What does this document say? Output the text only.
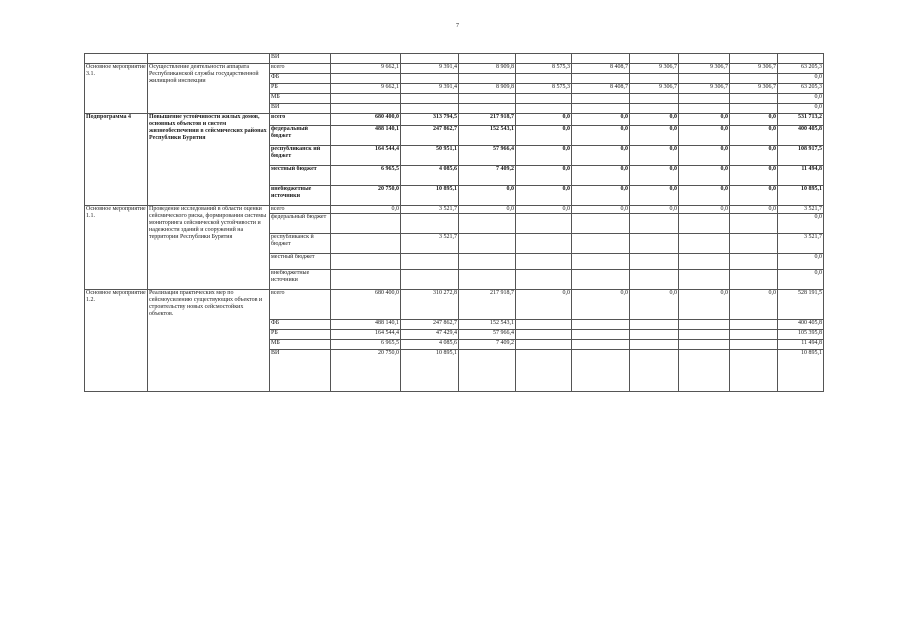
7
		ВИ									
Основное мероприятие 3.1.	Осуществление деятельности аппарата Республиканской службы государственной жилищной инспекции	всего	9 662,1	9 391,4	8 909,8	8 575,3	8 408,7	9 306,7	9 306,7	9 306,7	63 205,3
		ФБ									0,0
		РБ	9 662,1	9 391,4	8 909,8	8 575,3	8 408,7	9 306,7	9 306,7	9 306,7	63 205,3
		МБ									0,0
		ВИ									0,0
Подпрограмма 4	Повышение устойчивости жилых домов, основных объектов и систем жизнеобеспечения в сейсмических районах Республики Бурятия	всего	680 400,0	313 794,5	217 918,7	0,0	0,0	0,0	0,0	0,0	531 713,2
		федеральный бюджет	488 140,1	247 862,7	152 543,1	0,0	0,0	0,0	0,0	0,0	400 405,8
		республиканск ий бюджет	164 544,4	50 951,1	57 966,4	0,0	0,0	0,0	0,0	0,0	108 917,5
		местный бюджет	6 965,5	4 085,6	7 409,2	0,0	0,0	0,0	0,0	0,0	11 494,8
		внебюджетные источники	20 750,0	10 895,1	0,0	0,0	0,0	0,0	0,0	0,0	10 895,1
Основное мероприятие 1.1.	Проведение исследований в области оценки сейсмического риска, формирования системы мониторинга сейсмической устойчивости и надежности зданий и сооружений на территории Республики Бурятия	всего	0,0	3 521,7	0,0	0,0	0,0	0,0	0,0	0,0	3 521,7
		федеральный бюджет									0,0
		республиканск й бюджет		3 521,7							3 521,7
		местный бюджет									0,0
		внебюджетные источники									0,0
Основное мероприятие 1.2.	Реализация практических мер по сейсмоусилению существующих объектов и строительству новых сейсмостойких объектов.	всего	680 400,0	310 272,8	217 918,7	0,0	0,0	0,0	0,0	0,0	528 191,5
		ФБ	488 140,1	247 862,7	152 543,1						400 405,8
		РБ	164 544,4	47 429,4	57 966,4						105 395,8
		МБ	6 965,5	4 085,6	7 409,2						11 494,8
		ВИ	20 750,0	10 895,1							10 895,1
